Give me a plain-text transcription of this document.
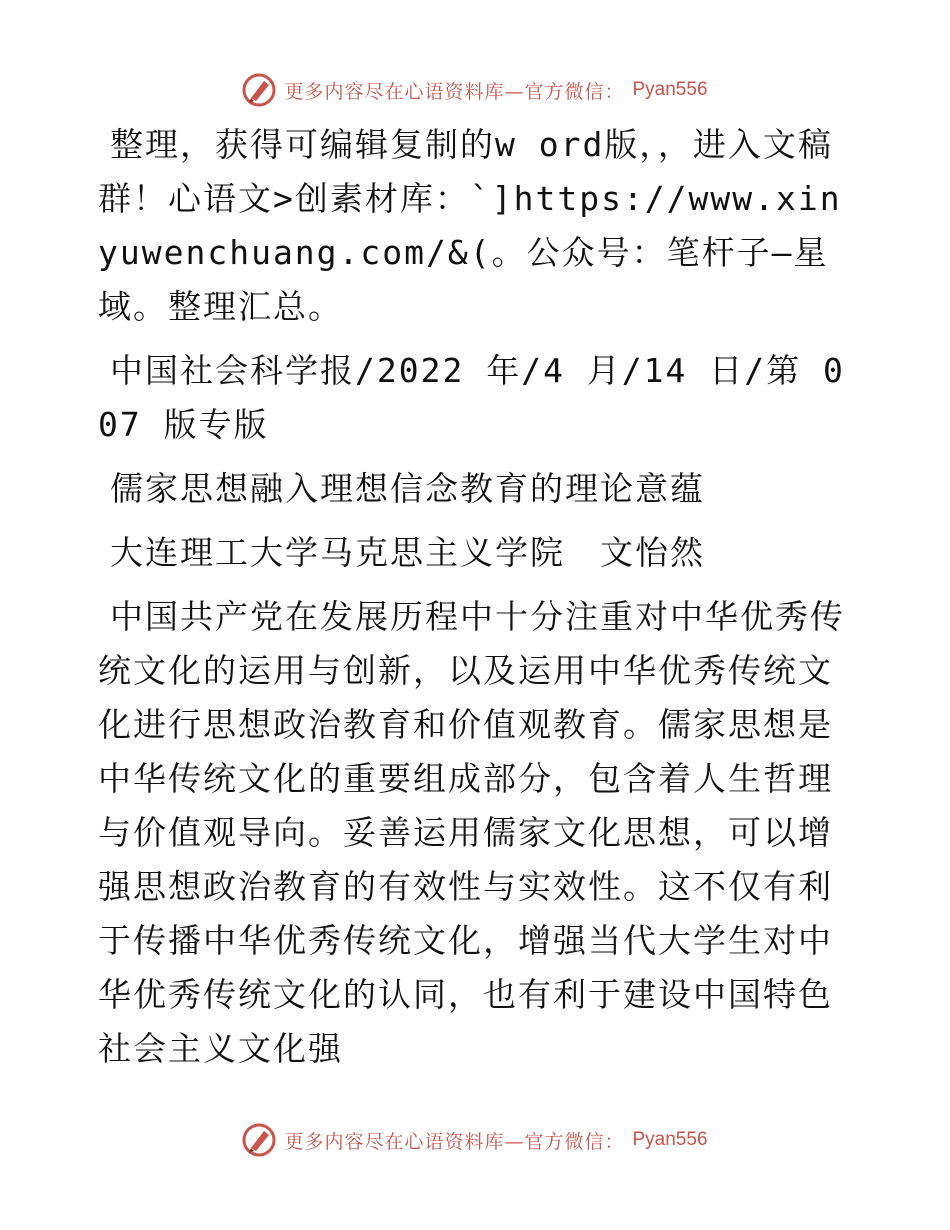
更多内容尽在心语资料库—官方微信： Pyan556

整理，获得可编辑复制的w ord版，，进入文稿群！心语文>创素材库：`]https://www.xinyuwenchuang.com/&(。公众号：笔杆子—星域。整理汇总。

中国社会科学报/2022 年/4 月/14 日/第 007 版专版

儒家思想融入理想信念教育的理论意蕴

大连理工大学马克思主义学院　文怡然

中国共产党在发展历程中十分注重对中华优秀传统文化的运用与创新，以及运用中华优秀传统文化进行思想政治教育和价值观教育。儒家思想是中华传统文化的重要组成部分，包含着人生哲理与价值观导向。妥善运用儒家文化思想，可以增强思想政治教育的有效性与实效性。这不仅有利于传播中华优秀传统文化，增强当代大学生对中华优秀传统文化的认同，也有利于建设中国特色社会主义文化强

更多内容尽在心语资料库—官方微信： Pyan556
